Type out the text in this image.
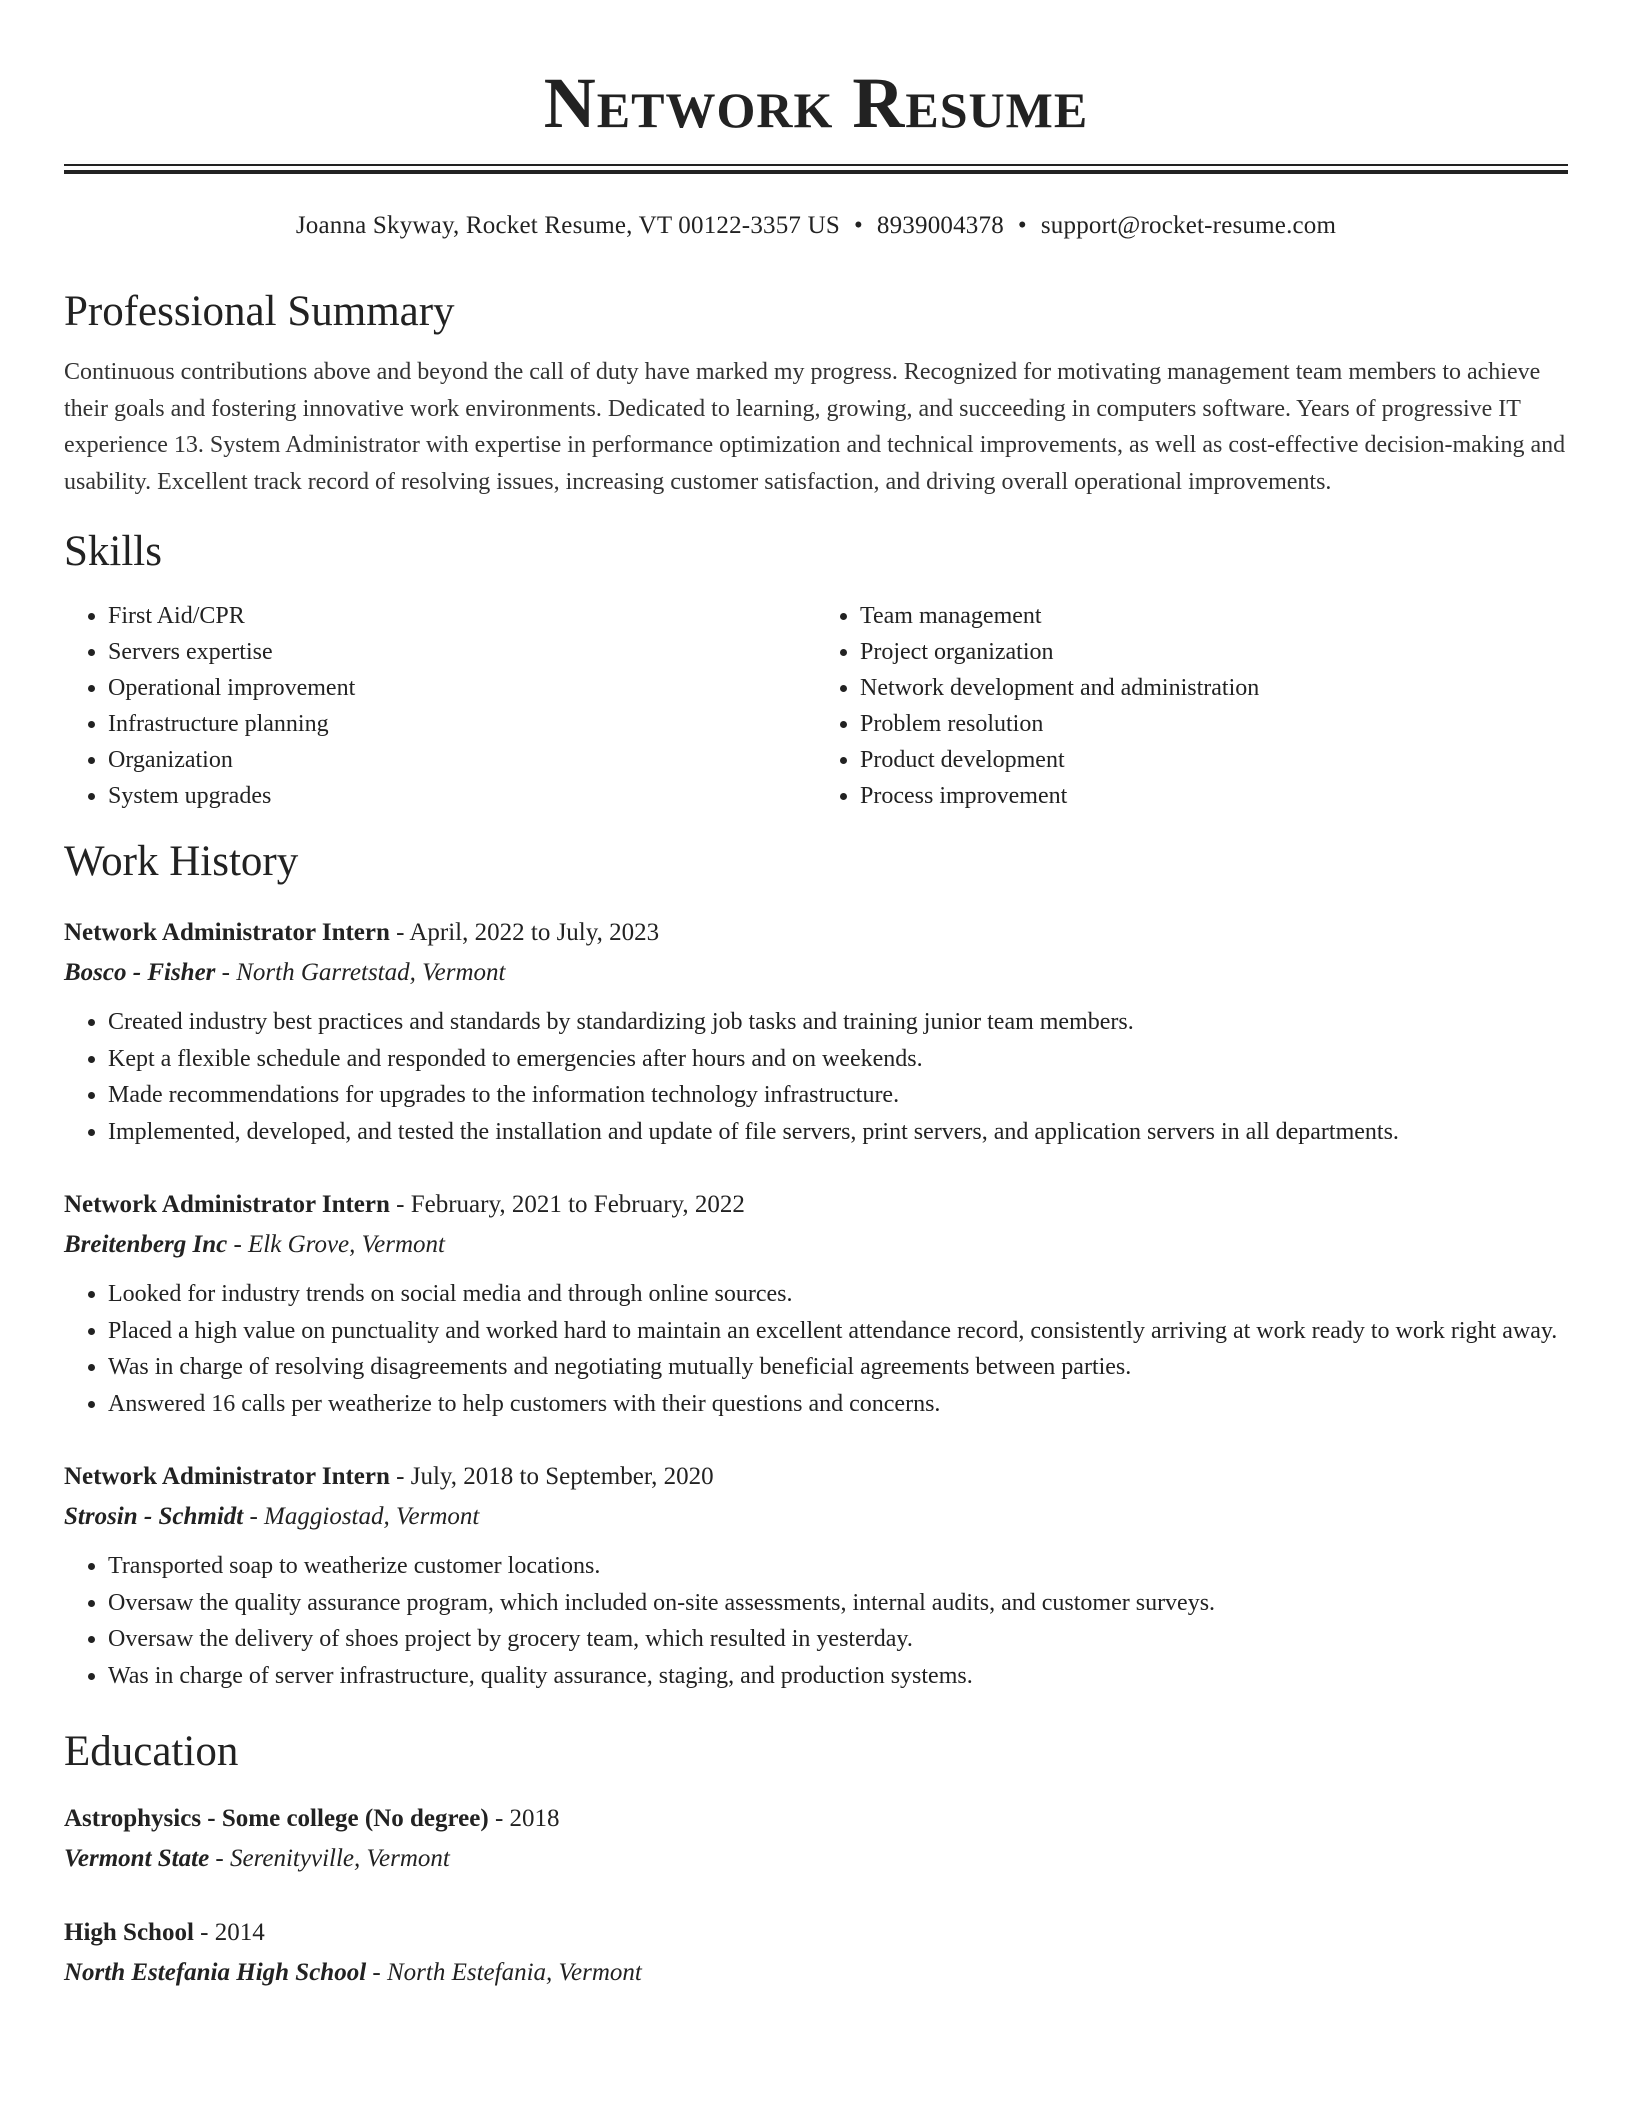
Network Resume
Joanna Skyway, Rocket Resume, VT 00122-3357 US • 8939004378 • support@rocket-resume.com
Professional Summary

Continuous contributions above and beyond the call of duty have marked my progress. Recognized for motivating management team members to achieve their goals and fostering innovative work environments. Dedicated to learning, growing, and succeeding in computers software. Years of progressive IT experience 13. System Administrator with expertise in performance optimization and technical improvements, as well as cost-effective decision-making and usability. Excellent track record of resolving issues, increasing customer satisfaction, and driving overall operational improvements.

Skills
• First Aid/CPR
• Servers expertise
• Operational improvement
• Infrastructure planning
• Organization
• System upgrades
• Team management
• Project organization
• Network development and administration
• Problem resolution
• Product development
• Process improvement
Work History
Network Administrator Intern - April, 2022 to July, 2023
Bosco - Fisher - North Garretstad, Vermont
• Created industry best practices and standards by standardizing job tasks and training junior team members.
• Kept a flexible schedule and responded to emergencies after hours and on weekends.
• Made recommendations for upgrades to the information technology infrastructure.
• Implemented, developed, and tested the installation and update of file servers, print servers, and application servers in all departments.
Network Administrator Intern - February, 2021 to February, 2022
Breitenberg Inc - Elk Grove, Vermont
• Looked for industry trends on social media and through online sources.
• Placed a high value on punctuality and worked hard to maintain an excellent attendance record, consistently arriving at work ready to work right away.
• Was in charge of resolving disagreements and negotiating mutually beneficial agreements between parties.
• Answered 16 calls per weatherize to help customers with their questions and concerns.
Network Administrator Intern - July, 2018 to September, 2020
Strosin - Schmidt - Maggiostad, Vermont
• Transported soap to weatherize customer locations.
• Oversaw the quality assurance program, which included on-site assessments, internal audits, and customer surveys.
• Oversaw the delivery of shoes project by grocery team, which resulted in yesterday.
• Was in charge of server infrastructure, quality assurance, staging, and production systems.
Education
Astrophysics - Some college (No degree) - 2018
Vermont State - Serenityville, Vermont
High School - 2014
North Estefania High School - North Estefania, Vermont
